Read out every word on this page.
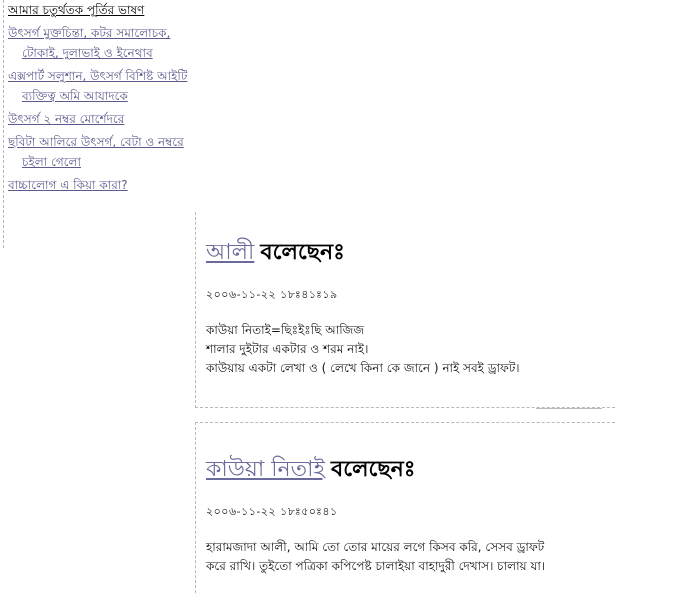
আমার চতুর্থতক পূর্তির ভাষণ
উৎসর্গ মুক্তচিন্তা, কটর সমালোচক, টোকাই, দুলাভাই ও ইনেথাব
এক্সপার্ট সলুশান, উৎসর্গ বিশিষ্ট আইটি ব্যক্তিত্ব অমি আযাদকে
উৎসর্গ ২ নম্বর মোর্শেদরে
ছবিটা আলিরে উৎসর্গ, বেটা ও নম্বরে চইলা গেলো
বাচ্চালোগ এ কিয়া কারা?
আলী বলেছেনঃ
২০০৬-১১-২২ ১৮ঃ৪১ঃ১৯

কাউয়া নিতাই=ছিঃইঃছি আজিজ

শালার দুইটার একটার ও শরম নাই।

কাউয়ায় একটা লেখা ও ( লেখে কিনা কে জানে ) নাই সবই ড্রাফট।

কাউয়া নিতাই বলেছেনঃ
২০০৬-১১-২২ ১৮ঃ৫০ঃ৪১

হারামজাদা আলী, আমি তো তোর মায়ের লগে কিসব করি, সেসব ড্রাফট

করে রাখি। তুইতো পত্রিকা কপিপেষ্ট চালাইয়া বাহাদুরী দেখাস। চালায় যা।
